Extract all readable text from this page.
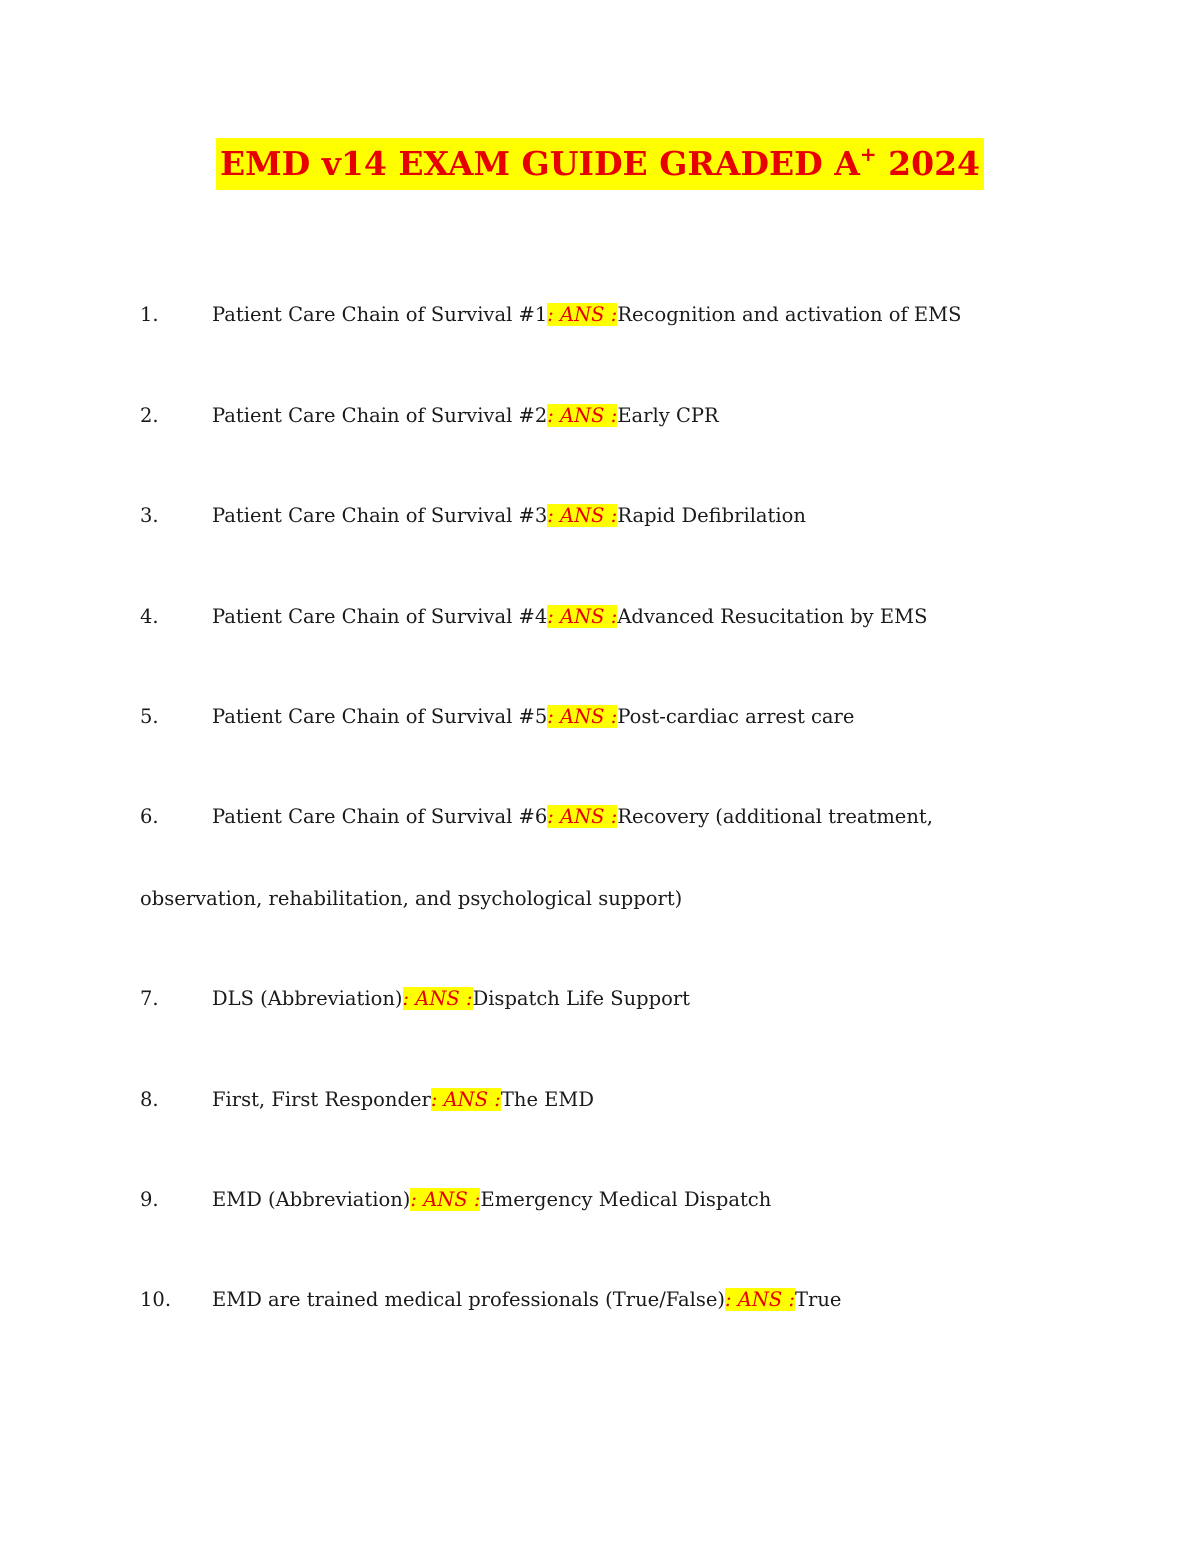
EMD v14 EXAM GUIDE GRADED A+ 2024
1.	Patient Care Chain of Survival #1: ANS :Recognition and activation of EMS
2.	Patient Care Chain of Survival #2: ANS :Early CPR
3.	Patient Care Chain of Survival #3: ANS :Rapid Defibrilation
4.	Patient Care Chain of Survival #4: ANS :Advanced Resucitation by EMS
5.	Patient Care Chain of Survival #5: ANS :Post-cardiac arrest care
6.	Patient Care Chain of Survival #6: ANS :Recovery (additional treatment,
observation, rehabilitation, and psychological support)
7.	DLS (Abbreviation): ANS :Dispatch Life Support
8.	First, First Responder: ANS :The EMD
9.	EMD (Abbreviation): ANS :Emergency Medical Dispatch
10. EMD are trained medical professionals (True/False): ANS :True
